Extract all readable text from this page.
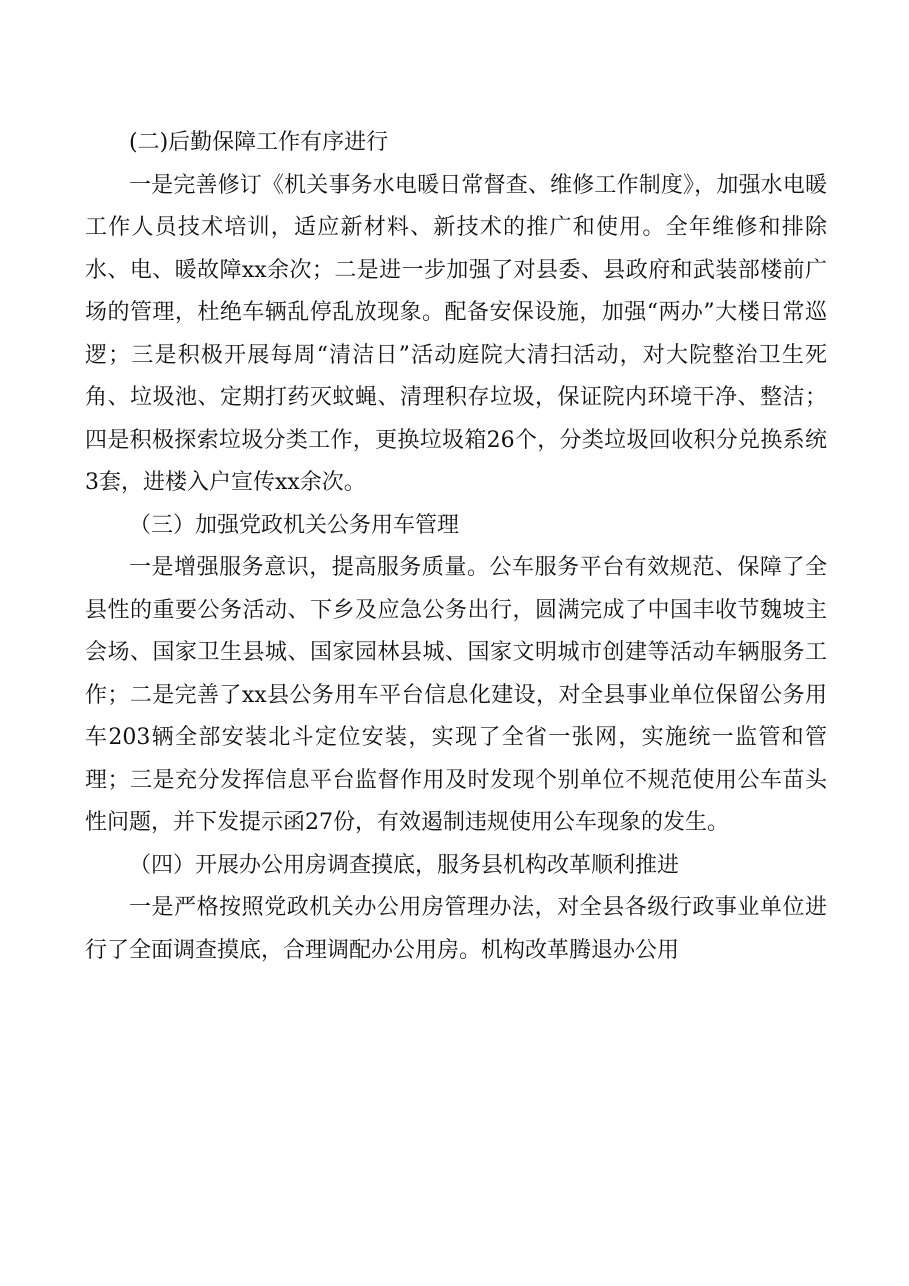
(二)后勤保障工作有序进行

一是完善修订《机关事务水电暖日常督查、维修工作制度》，加强水电暖工作人员技术培训，适应新材料、新技术的推广和使用。全年维修和排除水、电、暖故障xx余次；二是进一步加强了对县委、县政府和武装部楼前广场的管理，杜绝车辆乱停乱放现象。配备安保设施，加强“两办”大楼日常巡逻；三是积极开展每周“清洁日”活动庭院大清扫活动，对大院整治卫生死角、垃圾池、定期打药灭蚊蝇、清理积存垃圾，保证院内环境干净、整洁；四是积极探索垃圾分类工作，更换垃圾箱26个，分类垃圾回收积分兑换系统3套，进楼入户宣传xx余次。

（三）加强党政机关公务用车管理

一是增强服务意识，提高服务质量。公车服务平台有效规范、保障了全县性的重要公务活动、下乡及应急公务出行，圆满完成了中国丰收节魏坡主会场、国家卫生县城、国家园林县城、国家文明城市创建等活动车辆服务工作；二是完善了xx县公务用车平台信息化建设，对全县事业单位保留公务用车203辆全部安装北斗定位安装，实现了全省一张网，实施统一监管和管理；三是充分发挥信息平台监督作用及时发现个别单位不规范使用公车苗头性问题，并下发提示函27份，有效遏制违规使用公车现象的发生。

（四）开展办公用房调查摸底，服务县机构改革顺利推进

一是严格按照党政机关办公用房管理办法，对全县各级行政事业单位进行了全面调查摸底，合理调配办公用房。机构改革腾退办公用
